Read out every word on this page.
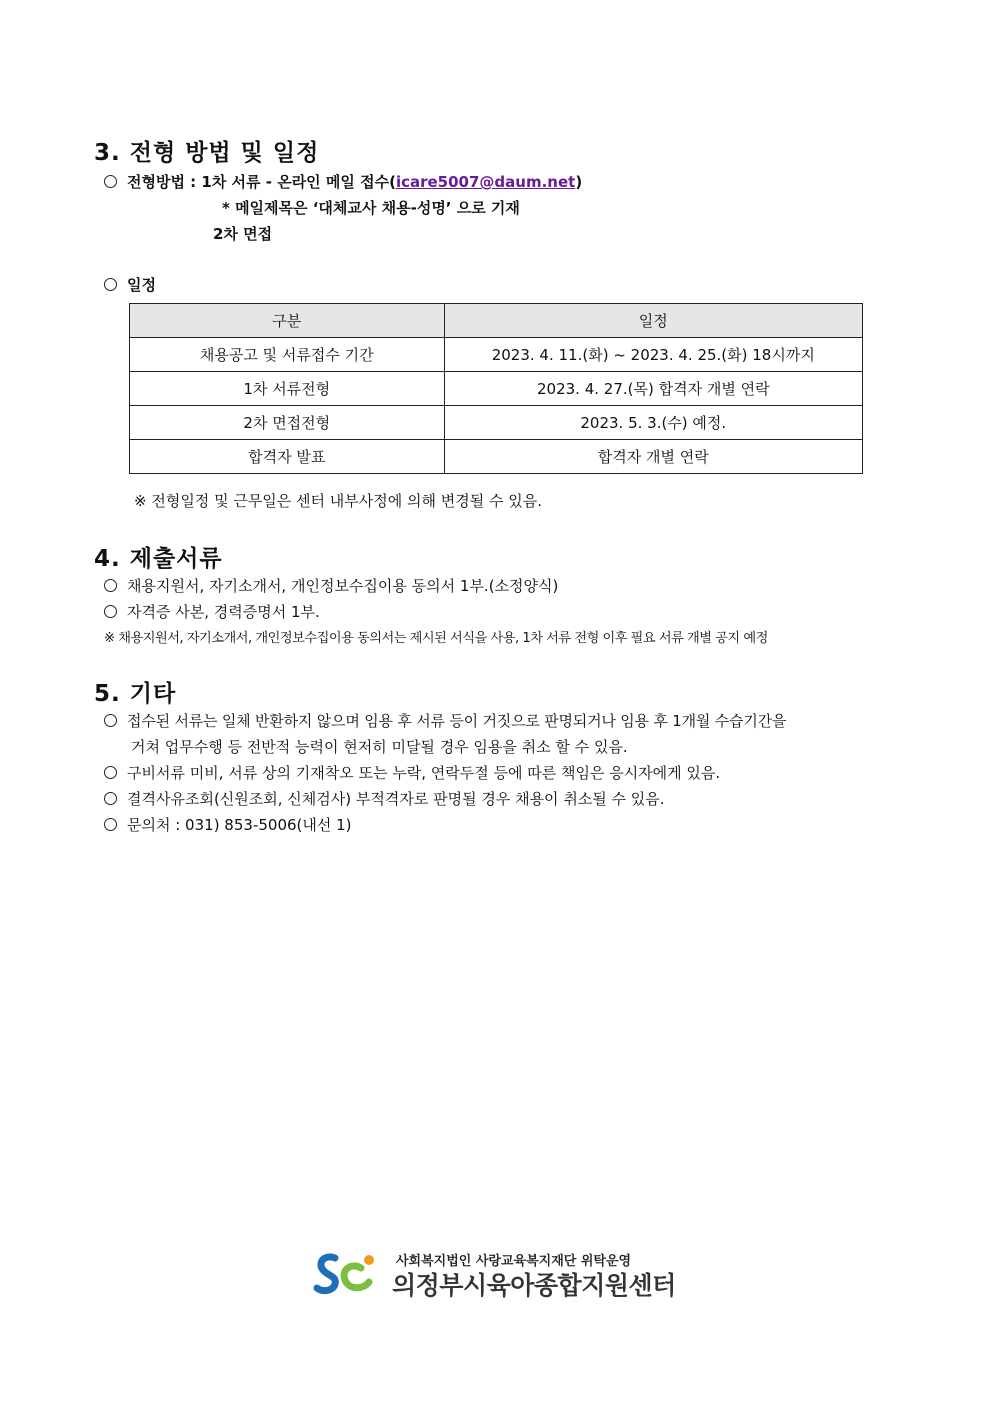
3. 전형 방법 및 일정
전형방법 : 1차 서류 - 온라인 메일 접수(icare5007@daum.net)
* 메일제목은 ‘대체교사 채용-성명’ 으로 기재
2차 면접
일정
구분	일정
채용공고 및 서류접수 기간	2023. 4. 11.(화) ~ 2023. 4. 25.(화) 18시까지
1차 서류전형	2023. 4. 27.(목) 합격자 개별 연락
2차 면접전형	2023. 5. 3.(수) 예정.
합격자 발표	합격자 개별 연락
※ 전형일정 및 근무일은 센터 내부사정에 의해 변경될 수 있음.
4. 제출서류
채용지원서, 자기소개서, 개인정보수집이용 동의서 1부.(소정양식)
자격증 사본, 경력증명서 1부.
※ 채용지원서, 자기소개서, 개인정보수집이용 동의서는 제시된 서식을 사용, 1차 서류 전형 이후 필요 서류 개별 공지 예정
5. 기타
접수된 서류는 일체 반환하지 않으며 임용 후 서류 등이 거짓으로 판명되거나 임용 후 1개월 수습기간을
거쳐 업무수행 등 전반적 능력이 현저히 미달될 경우 임용을 취소 할 수 있음.
구비서류 미비, 서류 상의 기재착오 또는 누락, 연락두절 등에 따른 책임은 응시자에게 있음.
결격사유조회(신원조회, 신체검사) 부적격자로 판명될 경우 채용이 취소될 수 있음.
문의처 : 031) 853-5006(내선 1)
사회복지법인 사랑교육복지재단 위탁운영
의정부시육아종합지원센터
